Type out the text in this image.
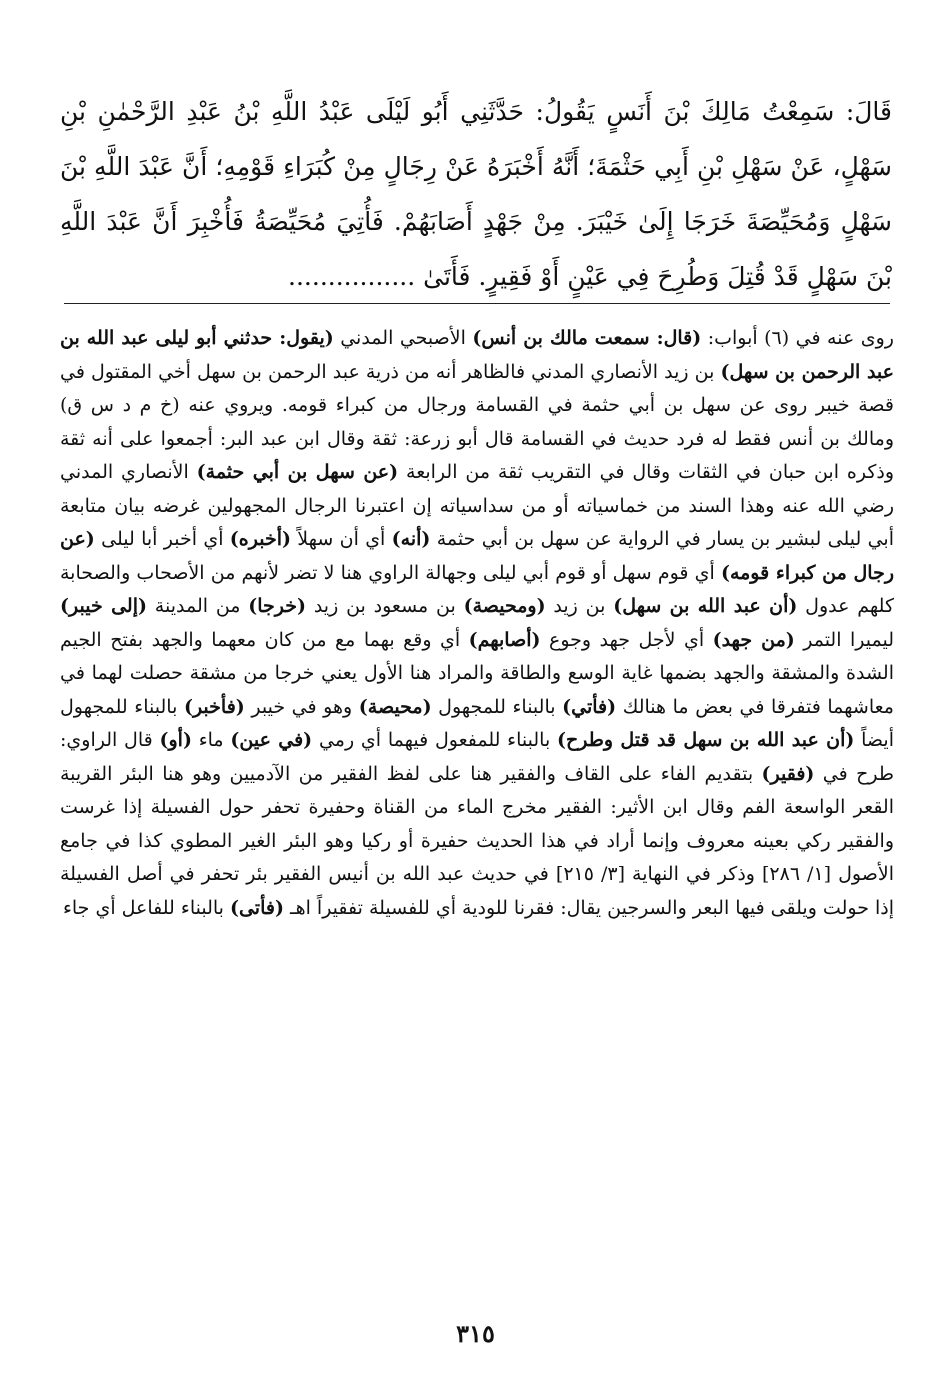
قَالَ: سَمِعْتُ مَالِكَ بْنَ أَنَسٍ يَقُولُ: حَدَّثَنِي أَبُو لَيْلَى عَبْدُ اللَّهِ بْنُ عَبْدِ الرَّحْمٰنِ بْنِ سَهْلٍ، عَنْ سَهْلِ بْنِ أَبِي حَثْمَةَ؛ أَنَّهُ أَخْبَرَهُ عَنْ رِجَالٍ مِنْ كُبَرَاءِ قَوْمِهِ؛ أَنَّ عَبْدَ اللَّهِ بْنَ سَهْلٍ وَمُحَيِّصَةَ خَرَجَا إِلَىٰ خَيْبَرَ. مِنْ جَهْدٍ أَصَابَهُمْ. فَأُتِيَ مُحَيِّصَةُ فَأُخْبِرَ أَنَّ عَبْدَ اللَّهِ بْنَ سَهْلٍ قَدْ قُتِلَ وَطُرِحَ فِي عَيْنٍ أَوْ فَقِيرٍ. فَأَتَىٰ ................
روى عنه في (٦) أبواب: (قال: سمعت مالك بن أنس) الأصبحي المدني (يقول: حدثني أبو ليلى عبد الله بن عبد الرحمن بن سهل) بن زيد الأنصاري المدني فالظاهر أنه من ذرية عبد الرحمن بن سهل أخي المقتول في قصة خيبر روى عن سهل بن أبي حثمة في القسامة ورجال من كبراء قومه. ويروي عنه (خ م د س ق) ومالك بن أنس فقط له فرد حديث في القسامة قال أبو زرعة: ثقة وقال ابن عبد البر: أجمعوا على أنه ثقة وذكره ابن حبان في الثقات وقال في التقريب ثقة من الرابعة (عن سهل بن أبي حثمة) الأنصاري المدني رضي الله عنه وهذا السند من خماسياته أو من سداسياته إن اعتبرنا الرجال المجهولين غرضه بيان متابعة أبي ليلى لبشير بن يسار في الرواية عن سهل بن أبي حثمة (أنه) أي أن سهلاً (أخبره) أي أخبر أبا ليلى (عن رجال من كبراء قومه) أي قوم سهل أو قوم أبي ليلى وجهالة الراوي هنا لا تضر لأنهم من الأصحاب والصحابة كلهم عدول (أن عبد الله بن سهل) بن زيد (ومحيصة) بن مسعود بن زيد (خرجا) من المدينة (إلى خيبر) ليميرا التمر (من جهد) أي لأجل جهد وجوع (أصابهم) أي وقع بهما مع من كان معهما والجهد بفتح الجيم الشدة والمشقة والجهد بضمها غاية الوسع والطاقة والمراد هنا الأول يعني خرجا من مشقة حصلت لهما في معاشهما فتفرقا في بعض ما هنالك (فأتي) بالبناء للمجهول (محيصة) وهو في خيبر (فأخبر) بالبناء للمجهول أيضاً (أن عبد الله بن سهل قد قتل وطرح) بالبناء للمفعول فيهما أي رمي (في عين) ماء (أو) قال الراوي: طرح في (فقير) بتقديم الفاء على القاف والفقير هنا على لفظ الفقير من الآدميين وهو هنا البئر القريبة القعر الواسعة الفم وقال ابن الأثير: الفقير مخرج الماء من القناة وحفيرة تحفر حول الفسيلة إذا غرست والفقير ركي بعينه معروف وإنما أراد في هذا الحديث حفيرة أو ركيا وهو البئر الغير المطوي كذا في جامع الأصول [١/ ٢٨٦] وذكر في النهاية [٣/ ٢١٥] في حديث عبد الله بن أنيس الفقير بئر تحفر في أصل الفسيلة إذا حولت ويلقى فيها البعر والسرجين يقال: فقرنا للودية أي للفسيلة تفقيراً اهـ (فأتى) بالبناء للفاعل أي جاء
٣١٥
